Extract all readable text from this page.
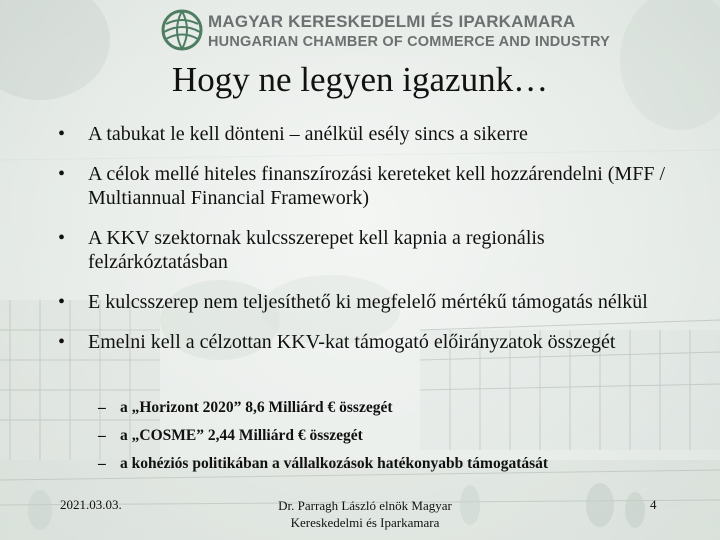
MAGYAR KERESKEDELMI ÉS IPARKAMARA
HUNGARIAN CHAMBER OF COMMERCE AND INDUSTRY
Hogy ne legyen igazunk…
• A tabukat le kell dönteni – anélkül esély sincs a sikerre
• A célok mellé hiteles finanszírozási kereteket kell hozzárendelni (MFF / Multiannual Financial Framework)
• A KKV szektornak kulcsszerepet kell kapnia a regionális felzárkóztatásban
• E kulcsszerep nem teljesíthető ki megfelelő mértékű támogatás nélkül
• Emelni kell a célzottan KKV-kat támogató előirányzatok összegét
– a „Horizont 2020” 8,6 Milliárd € összegét
– a „COSME” 2,44 Milliárd € összegét
– a kohéziós politikában a vállalkozások hatékonyabb támogatását
2021.03.03.	Dr. Parragh László elnök Magyar
Kereskedelmi és Iparkamara
4
